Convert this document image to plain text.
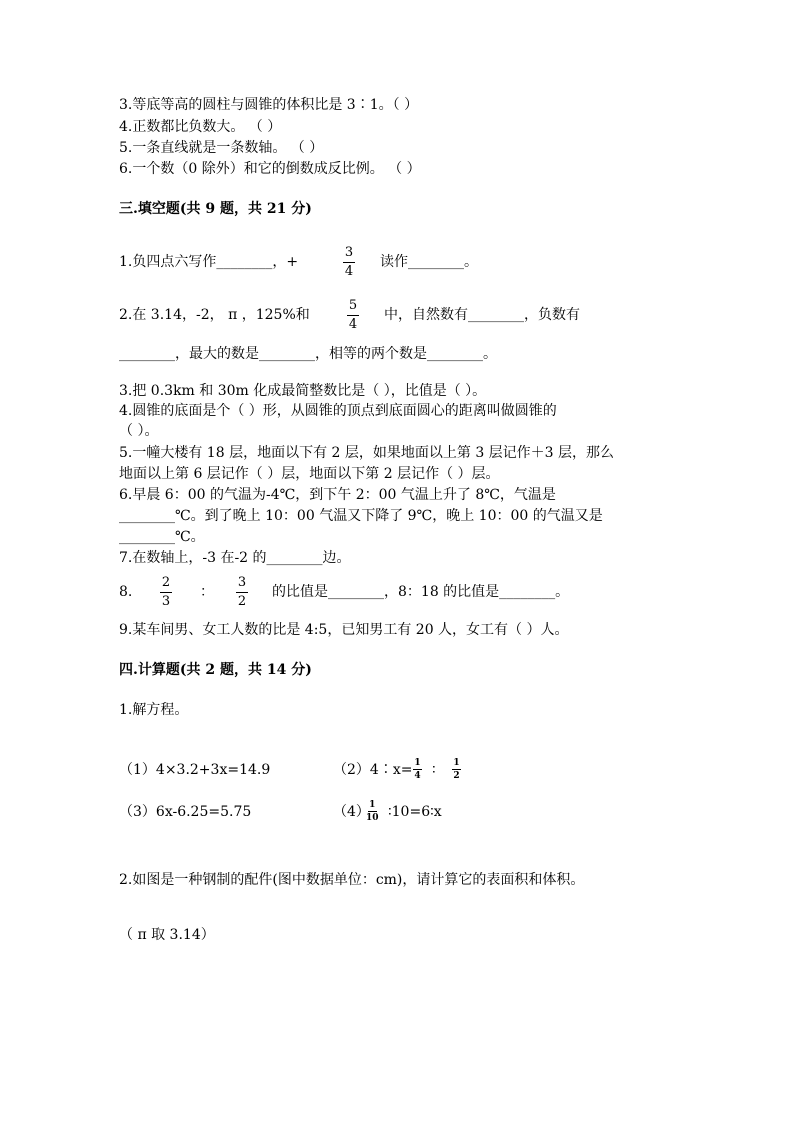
3.等底等高的圆柱与圆锥的体积比是 3∶1。（ ）
4.正数都比负数大。 （ ）
5.一条直线就是一条数轴。 （ ）
6.一个数（0 除外）和它的倒数成反比例。 （ ）
三.填空题(共 9 题，共 21 分)
1.负四点六写作________，+
3
4
读作________。
2.在 3.14，-2， π ，125%和
5
4
中，自然数有________，负数有
________，最大的数是________，相等的两个数是________。
3.把 0.3km 和 30m 化成最简整数比是（ ），比值是（ ）。
4.圆锥的底面是个（ ）形，从圆锥的顶点到底面圆心的距离叫做圆锥的
（ ）。
5.一幢大楼有 18 层，地面以下有 2 层，如果地面以上第 3 层记作＋3 层，那么
地面以上第 6 层记作（ ）层，地面以下第 2 层记作（ ）层。
6.早晨 6：00 的气温为-4℃，到下午 2：00 气温上升了 8℃，气温是
________℃。到了晚上 10：00 气温又下降了 9℃，晚上 10：00 的气温又是
________℃。
7.在数轴上，-3 在-2 的________边。
8.
2
3
：
3
2
的比值是________，8：18 的比值是________。
9.某车间男、女工人数的比是 4:5，已知男工有 20 人，女工有（ ）人。
四.计算题(共 2 题，共 14 分)
1.解方程。
（1）4×3.2+3x=14.9	（2）4∶x= 1
4 ∶ 1
2
（3）6x-6.25=5.75	（4） 1
10 ∶10=6∶x
2.如图是一种钢制的配件(图中数据单位：cm)，请计算它的表面积和体积。
（ π 取 3.14）
